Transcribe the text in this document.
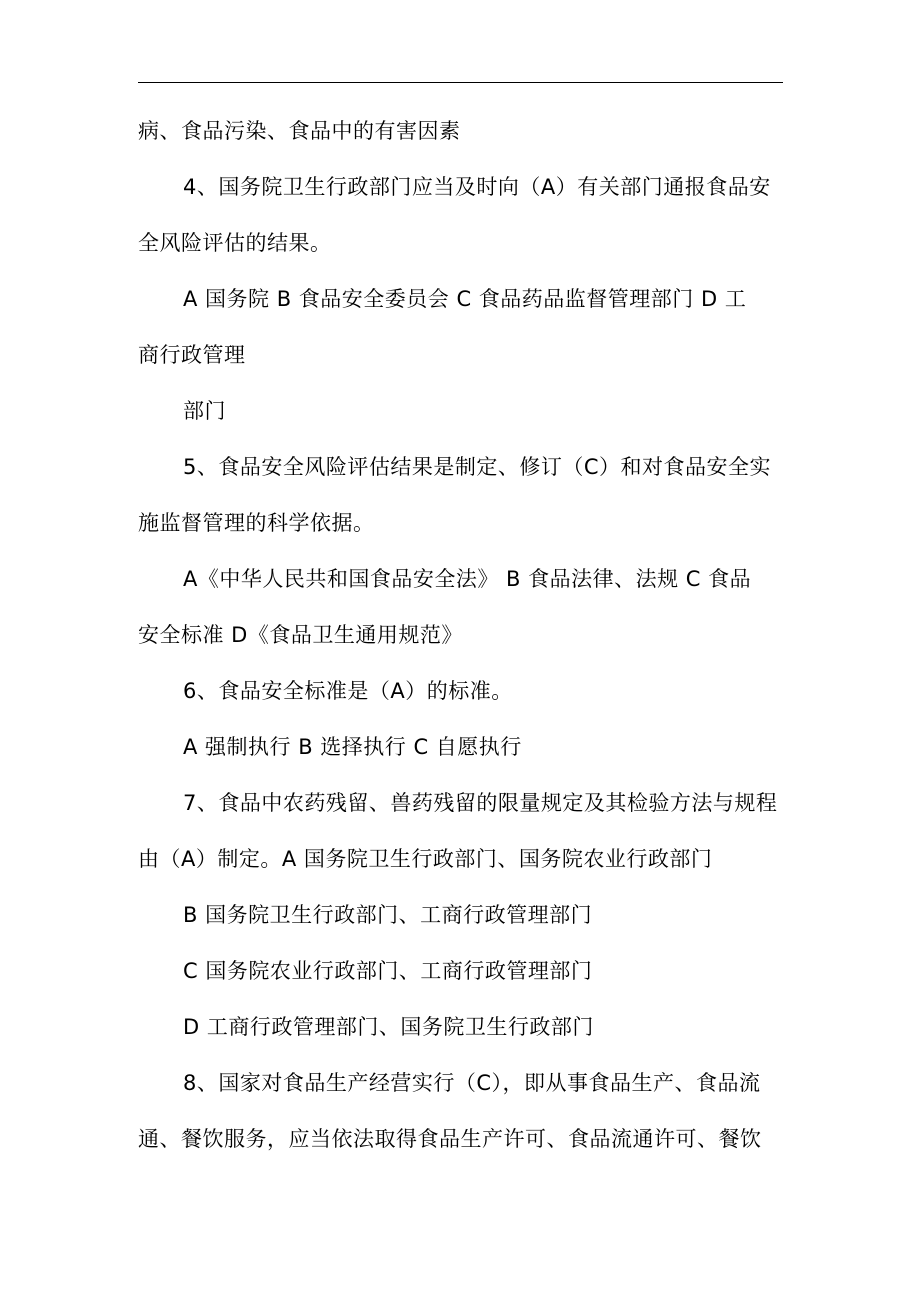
病、食品污染、食品中的有害因素
4、国务院卫生行政部门应当及时向（A）有关部门通报食品安
全风险评估的结果。
A 国务院 B 食品安全委员会 C 食品药品监督管理部门 D 工
商行政管理
部门
5、食品安全风险评估结果是制定、修订（C）和对食品安全实
施监督管理的科学依据。
A《中华人民共和国食品安全法》 B 食品法律、法规 C 食品
安全标准 D《食品卫生通用规范》
6、食品安全标准是（A）的标准。
A 强制执行 B 选择执行 C 自愿执行
7、食品中农药残留、兽药残留的限量规定及其检验方法与规程
由（A）制定。A 国务院卫生行政部门、国务院农业行政部门
B 国务院卫生行政部门、工商行政管理部门
C 国务院农业行政部门、工商行政管理部门
D 工商行政管理部门、国务院卫生行政部门
8、国家对食品生产经营实行（C），即从事食品生产、食品流
通、餐饮服务，应当依法取得食品生产许可、食品流通许可、餐饮
